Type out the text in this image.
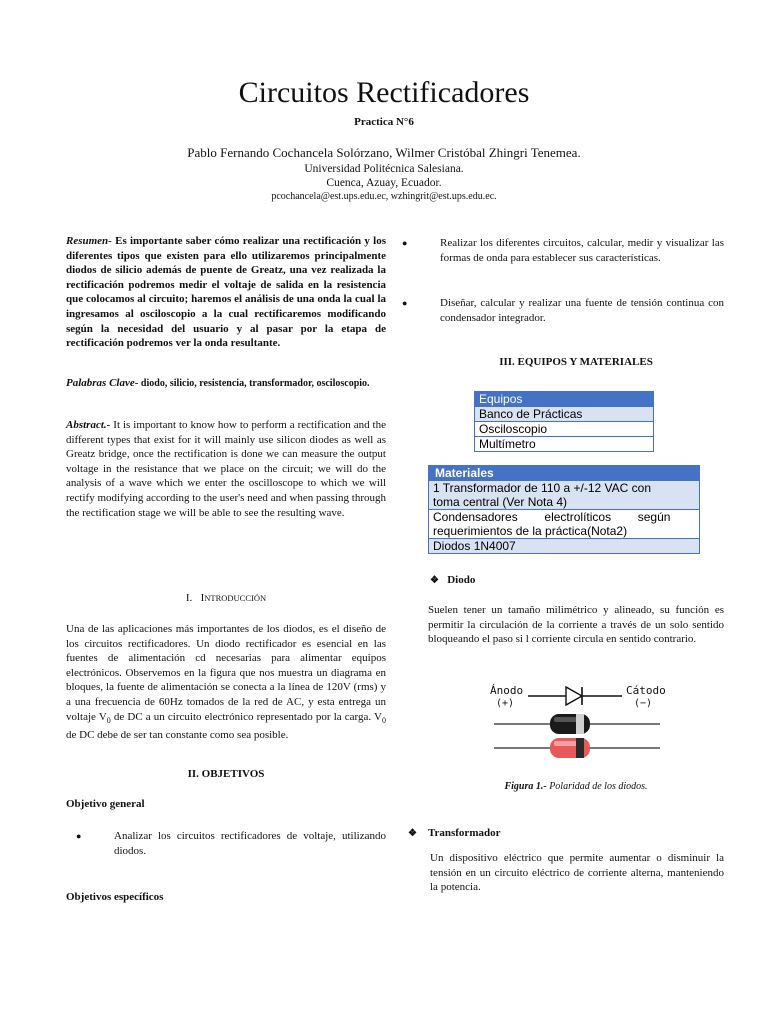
Circuitos Rectificadores
Practica N°6
Pablo Fernando Cochancela Solórzano, Wilmer Cristóbal Zhingri Tenemea.
Universidad Politécnica Salesiana.
Cuenca, Azuay, Ecuador.
pcochancela@est.ups.edu.ec, wzhingrit@est.ups.edu.ec.
Resumen- Es importante saber cómo realizar una rectificación y los diferentes tipos que existen para ello utilizaremos principalmente diodos de silicio además de puente de Greatz, una vez realizada la rectificación podremos medir el voltaje de salida en la resistencia que colocamos al circuito; haremos el análisis de una onda la cual la ingresamos al osciloscopio a la cual rectificaremos modificando según la necesidad del usuario y al pasar por la etapa de rectificación podremos ver la onda resultante.
Palabras Clave- diodo, silicio, resistencia, transformador, osciloscopio.
Abstract.- It is important to know how to perform a rectification and the different types that exist for it will mainly use silicon diodes as well as Greatz bridge, once the rectification is done we can measure the output voltage in the resistance that we place on the circuit; we will do the analysis of a wave which we enter the oscilloscope to which we will rectify modifying according to the user's need and when passing through the rectification stage we will be able to see the resulting wave.
I. INTRODUCCIÓN
Una de las aplicaciones más importantes de los diodos, es el diseño de los circuitos rectificadores. Un diodo rectificador es esencial en las fuentes de alimentación cd necesarias para alimentar equipos electrónicos. Observemos en la figura que nos muestra un diagrama en bloques, la fuente de alimentación se conecta a la línea de 120V (rms) y a una frecuencia de 60Hz tomados de la red de AC, y esta entrega un voltaje $V_0$ de DC a un circuito electrónico representado por la carga. $V_0$ de DC debe de ser tan constante como sea posible.
II. OBJETIVOS
Objetivo general
●	Analizar los circuitos rectificadores de voltaje, utilizando diodos.
Objetivos específicos
●	Realizar los diferentes circuitos, calcular, medir y visualizar las formas de onda para establecer sus características.
●	Diseñar, calcular y realizar una fuente de tensión continua con condensador integrador.
III. EQUIPOS Y MATERIALES
Equipos
Banco de Prácticas
Osciloscopio
Multímetro
Materiales

1 Transformador de 110 a +/-12 VAC con
toma central (Ver Nota 4)

Condensadores        electrolíticos        según
requerimientos de la práctica(Nota2)

Diodos 1N4007
❖ Diodo
Suelen tener un tamaño milimétrico y alineado, su función es permitir la circulación de la corriente a través de un solo sentido bloqueando el paso si l corriente circula en sentido contrario.
Ánodo
(+)
Cátodo
(−)
Figura 1.- Polaridad de los diodos.
❖ Transformador
Un dispositivo eléctrico que permite aumentar o disminuir la tensión en un circuito eléctrico de corriente alterna, manteniendo la potencia.
